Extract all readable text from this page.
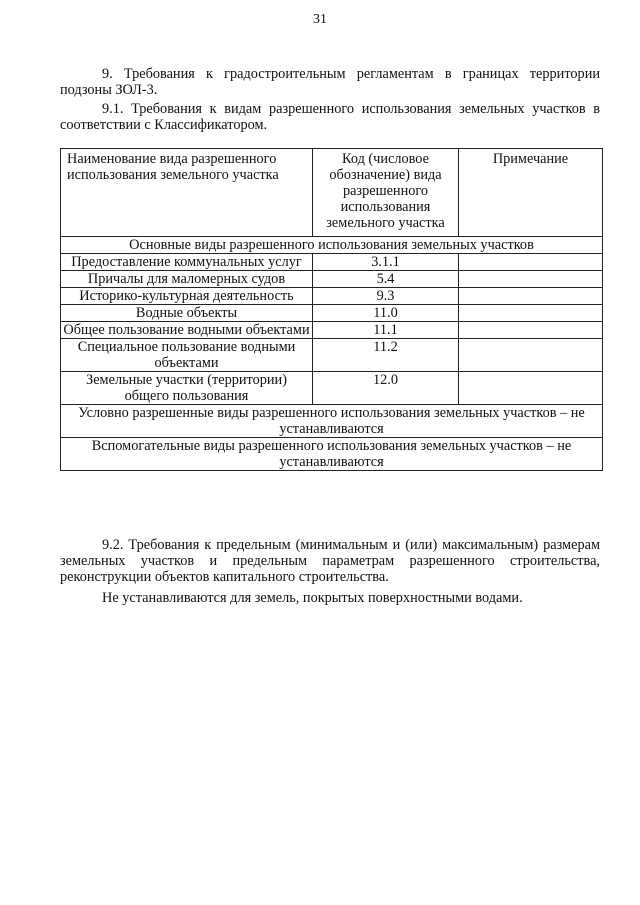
31
9. Требования к градостроительным регламентам в границах территории подзоны ЗОЛ-3.
9.1. Требования к видам разрешенного использования земельных участков в соответствии с Классификатором.
Наименование вида разрешенного использования земельного участка	Код (числовое обозначение) вида разрешенного использования земельного участка	Примечание
Основные виды разрешенного использования земельных участков		
Предоставление коммунальных услуг	3.1.1	
Причалы для маломерных судов	5.4	
Историко-культурная деятельность	9.3	
Водные объекты	11.0	
Общее пользование водными объектами	11.1	
Специальное пользование водными объектами	11.2	
Земельные участки (территории) общего пользования	12.0	
Условно разрешенные виды разрешенного использования земельных участков – не устанавливаются		
Вспомогательные виды разрешенного использования земельных участков – не устанавливаются		
9.2. Требования к предельным (минимальным и (или) максимальным) размерам земельных участков и предельным параметрам разрешенного строительства, реконструкции объектов капитального строительства.
Не устанавливаются для земель, покрытых поверхностными водами.
